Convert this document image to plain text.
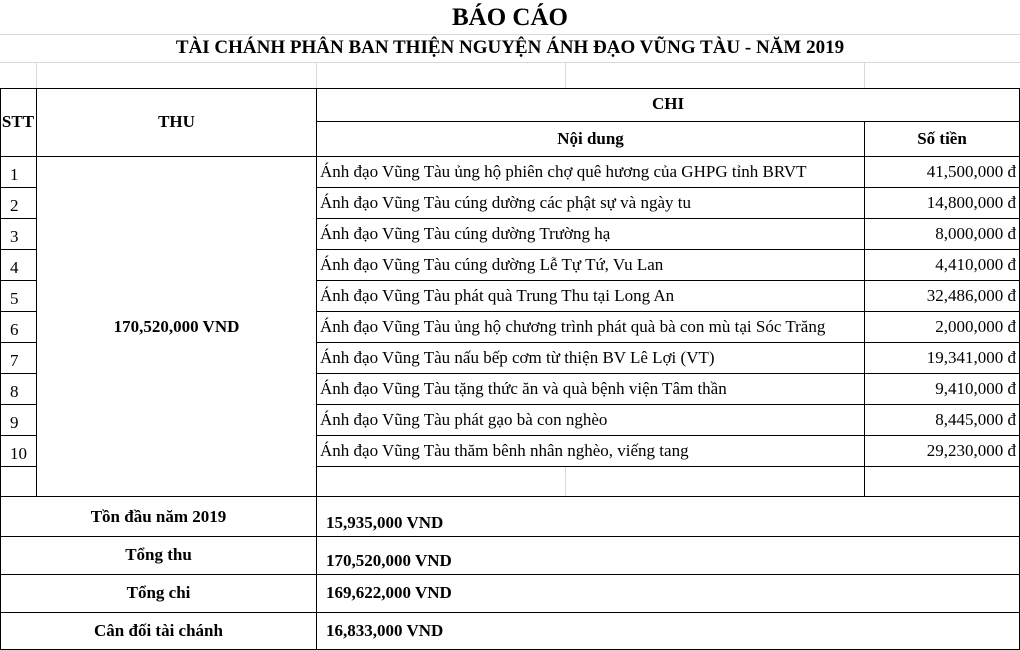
BÁO CÁO
TÀI CHÁNH PHÂN BAN THIỆN NGUYỆN ÁNH ĐẠO VŨNG TÀU - NĂM 2019
STT	THU
CHI
Nội dung	Số tiền
170,520,000 VND
1	Ánh đạo Vũng Tàu ủng hộ phiên chợ quê hương của GHPG tỉnh BRVT	41,500,000 đ
2	Ánh đạo Vũng Tàu cúng dường các phật sự và ngày tu	14,800,000 đ
3	Ánh đạo Vũng Tàu cúng dường Trường hạ	8,000,000 đ
4	Ánh đạo Vũng Tàu cúng dường Lễ Tự Tứ, Vu Lan	4,410,000 đ
5	Ánh đạo Vũng Tàu phát quà Trung Thu tại Long An	32,486,000 đ
6	Ánh đạo Vũng Tàu ủng hộ chương trình phát quà bà con mù tại Sóc Trăng	2,000,000 đ
7	Ánh đạo Vũng Tàu nấu bếp cơm từ thiện BV Lê Lợi (VT)	19,341,000 đ
8	Ánh đạo Vũng Tàu tặng thức ăn và quà bệnh viện Tâm thần	9,410,000 đ
9	Ánh đạo Vũng Tàu phát gạo bà con nghèo	8,445,000 đ
10	Ánh đạo Vũng Tàu thăm bênh nhân nghèo, viếng tang	29,230,000 đ
Tồn đầu năm 2019	15,935,000 VND
Tổng thu	170,520,000 VND
Tổng chi	169,622,000 VND
Cân đối tài chánh	16,833,000 VND
